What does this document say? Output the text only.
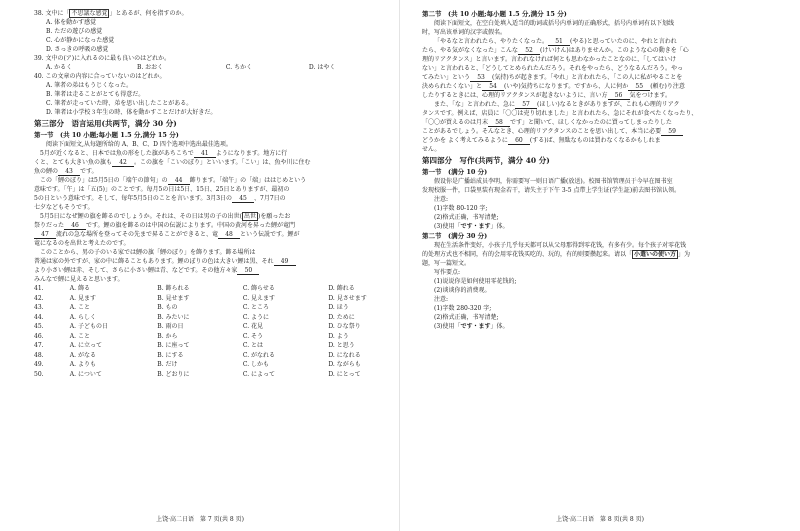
38. 文中に「 不思議な感覚 」とあるが、何を指すのか。
A. 体を動かす感覚
B. ただの遊びの感覚
C. 心が静かになった感覚
D. さっきの呼吸の感覚
39. 文中の(ア)に入れるのに最も良いのはどれか。
A. かるく	B. おおく	C. ちかく	D. はやく
40. この文章の内容に合っていないのはどれか。
A. 筆者の弟はもうじくなった。
B. 筆者は走ることがとても得意だ。
C. 筆者が走っていた時、弟を思い出したことがある。
D. 筆者は小学校３年生の時、体を動かすことだけが大好きだ。
第三部分　语言运用(共两节，满分 30 分)
第一节　(共 10 小题;每小题 1.5 分,满分 15 分)
阅读下面短文,从每题所给的 A、B、C、D 四个选项中选出最佳选项。
5月が近くなると、日本では魚の形をした旗があちこちで 41 ようになります。地方に行
くと、とても大きい魚の旗も 42 。この旗を「こいのぼり」といいます。「こい」は、魚や川に住む
魚の鯉の 43 です。
この「鯉のぼり」は5月5日の「端午の節句」の 44 飾ります。「端午」の「端」ははじめという
意味です。「午」は「五(5)」のことです。毎月5の日は5日、15日、25日とありますが、最初の
5の日という意味です。そして、毎年5月5日のことを言います。3月3日の 45 、7月7日の
七夕などもそうです。
5月5日になぜ鯉の旗を飾るのでしょうか。それは、その日は男の子の出世( 出世 )を願ったお
祭りだった 46 です。鯉の旗を飾るのは中国の伝説によります。中国の黄河を昇った鯉が竜門
47 流れの急な場所を登ってその先まで昇ることができると、竜 48 という伝説です。鯉が
竜になるのを出世と考えたのです。
このことから、男の子のいる家では鯉の旗「鯉のぼり」を飾ります。飾る場所は
普通は家の外ですが、家の中に飾ることもあります。鯉のぼりの色は大きい鯉は黒、それ 49
より小さい鯉は赤、そして、さらに小さい鯉は青、などです。その他方々家 50
みんなで鯉に見えると思います。
41.	A. 飾る	B. 飾られる	C. 飾らせる	D. 飾れる
42.	A. 見ます	B. 見せます	C. 見えます	D. 見させます
43.	A. こと	B. もの	C. ところ	D. ほう
44.	A. らしく	B. みたいに	C. ように	D. ために
45.	A. 子どもの日	B. 雨の日	C. 花見	D. ひな祭り
46.	A. こと	B. から	C. そう	D. よう
47.	A. に立って	B. に座って	C. とは	D. と思う
48.	A. がなる	B. にする	C. がなれる	D. になれる
49.	A. よりも	B. だけ	C. しかも	D. ながらも
50.	A. について	B. どおりに	C. によって	D. にとって
上饶·高二日语　第 7 页(共 8 页)
第二节　(共 10 小题;每小题 1.5 分,满分 15 分)
阅读下面短文，在空白处填入适当的助词或括号内单词的正确形式，括号内单词有以下划线
时，写出该单词的汉字或假名。
「やるなと言われたら、やりたくなった。 51 (やる)と思っていたのに、やれと言われ
たら、やる気がなくなった」こんな 52 (けいけん)はありませんか。このような心の動きを「心
理的リアクタンス」と言います。言われなければ何とも思わなかったことなのに、「してはいけ
ない」と言われると、「どうしてとめられたんだろう。それをやったら、どうなるんだろう。やっ
てみたい」という 53 (気持)ちが起きます。「やれ」と言われたら、「この人に私がやることを
決められたくない」と 54 (いや)気持ちになります。ですから、人に何か 55 (頼む)り注意
したりするときには、心理的リアクタンスが起きないように、言い方 56 気をつけます。
また、「な」と言われた、急に 57 (ほしい)なるときがありますが、これも心理的リアク
タンスです。例えば、店員に「〇〇は売り切れました」と言われたら、急にそれが食べたくなったり、
「〇〇が買えるのは月末 58 です」と聞いて、ほしくなかったのに買ってしまったりした
ことがあるでしょう。そんなとき、心理的リアクタンスのことを思い出して、本当に必要 59
どうかを よく考えてみるように 60 (する)ば、無駄なものは買わなくなるかもしれま
せん。
第四部分　写作(共两节，满分 40 分)
第一节　(满分 10 分)
假设你是广播站成员李明，你需要写一则日语广播(放送)。校图书馆管理员于今早在图书室
发现校服一件，口袋里装有现金若干，请失主于下午 3-5 点带上学生证(学生証)前去图书馆认领。
注意:
(1)字数 80-120 字;
(2)格式正确，书写清楚;
(3)使用「です・ます」体。
第二节　(满分 30 分)
现在生活条件变好，小孩子几乎每天都可以从父母那得到零花钱，有多有少。每个孩子对零花钱
的处理方式也不相同，有的会用零花钱买吃的、玩的，有的则要攒起来。请以「 小遣いの使い方 」为
题，写一篇短文。
写作要点:
(1)说说你是如何使用零花钱的;
(2)谈谈你的消费观。
注意:
(1)字数 280-320 字;
(2)格式正确，书写清楚;
(3)使用「です・ます」体。
上饶·高二日语　第 8 页(共 8 页)
